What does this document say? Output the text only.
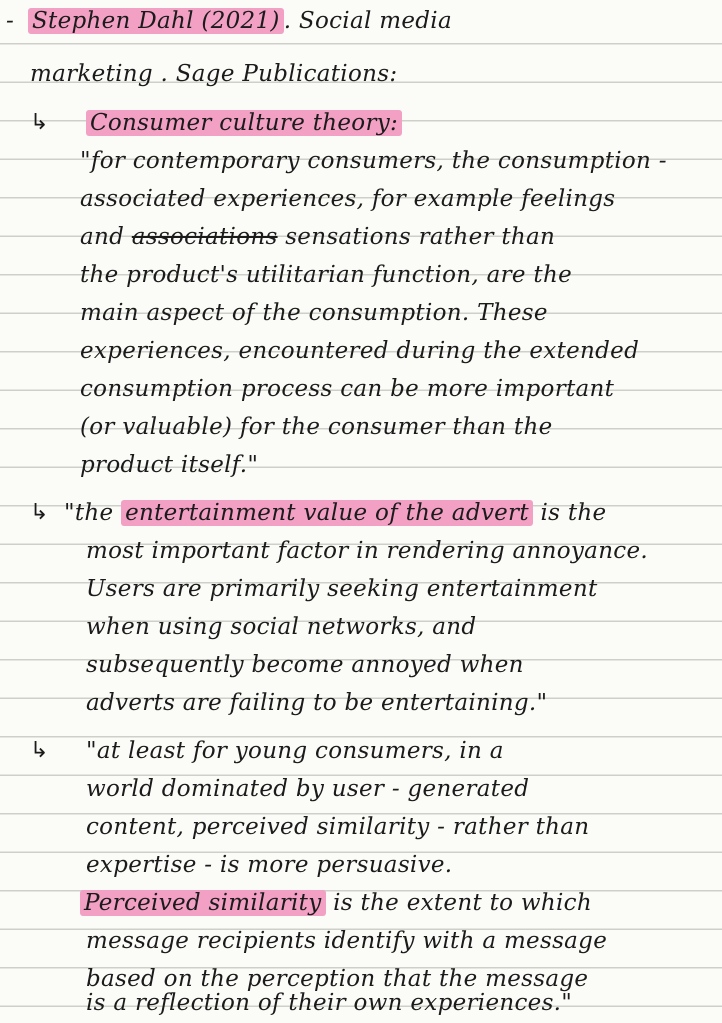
- Stephen Dahl (2021) . Social media

marketing . Sage Publications:

↳ Consumer culture theory:

"for contemporary consumers, the consumption -

associated experiences, for example feelings

and associations sensations rather than

the product's utilitarian function, are the

main aspect of the consumption. These

experiences, encountered during the extended

consumption process can be more important

(or valuable) for the consumer than the

product itself."

↳ "the entertainment value of the advert is the

most important factor in rendering annoyance.

Users are primarily seeking entertainment

when using social networks, and

subsequently become annoyed when

adverts are failing to be entertaining."

↳ "at least for young consumers, in a

world dominated by user - generated

content, perceived similarity - rather than

expertise - is more persuasive.

Perceived similarity is the extent to which

message recipients identify with a message

based on the perception that the message

is a reflection of their own experiences."
